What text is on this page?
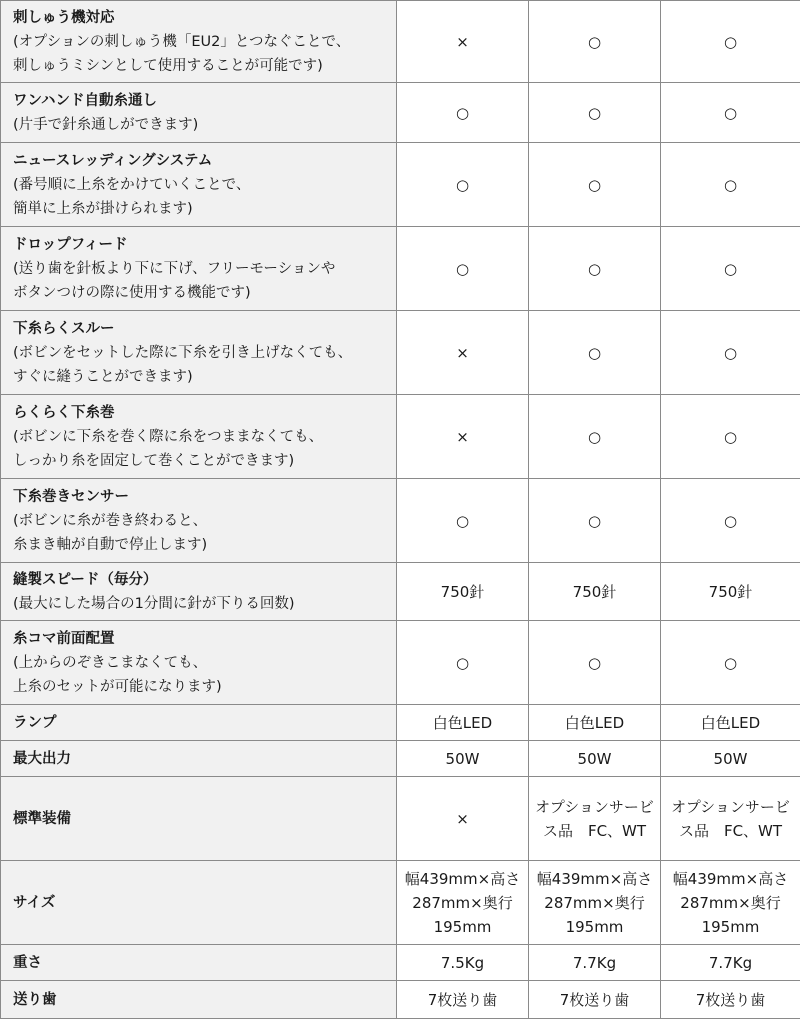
刺しゅう機対応
(オプションの刺しゅう機「EU2」とつなぐことで、
刺しゅうミシンとして使用することが可能です)	×	○	○

ワンハンド自動糸通し
(片手で針糸通しができます)	○	○	○

ニュースレッディングシステム
(番号順に上糸をかけていくことで、
簡単に上糸が掛けられます)	○	○	○

ドロップフィード
(送り歯を針板より下に下げ、フリーモーションや
ボタンつけの際に使用する機能です)	○	○	○

下糸らくスルー
(ボビンをセットした際に下糸を引き上げなくても、
すぐに縫うことができます)	×	○	○

らくらく下糸巻
(ボビンに下糸を巻く際に糸をつままなくても、
しっかり糸を固定して巻くことができます)	×	○	○

下糸巻きセンサー
(ボビンに糸が巻き終わると、
糸まき軸が自動で停止します)	○	○	○

縫製スピード（毎分）
(最大にした場合の1分間に針が下りる回数)	750針	750針	750針

糸コマ前面配置
(上からのぞきこまなくても、
上糸のセットが可能になります)	○	○	○

ランプ	白色LED	白色LED	白色LED

最大出力	50W	50W	50W

標準装備	×	オプションサービス品　FC、WT	オプションサービス品　FC、WT

サイズ	幅439mm×高さ287mm×奥行195mm	幅439mm×高さ287mm×奥行195mm	幅439mm×高さ287mm×奥行195mm

重さ	7.5Kg	7.7Kg	7.7Kg

送り歯	7枚送り歯	7枚送り歯	7枚送り歯
